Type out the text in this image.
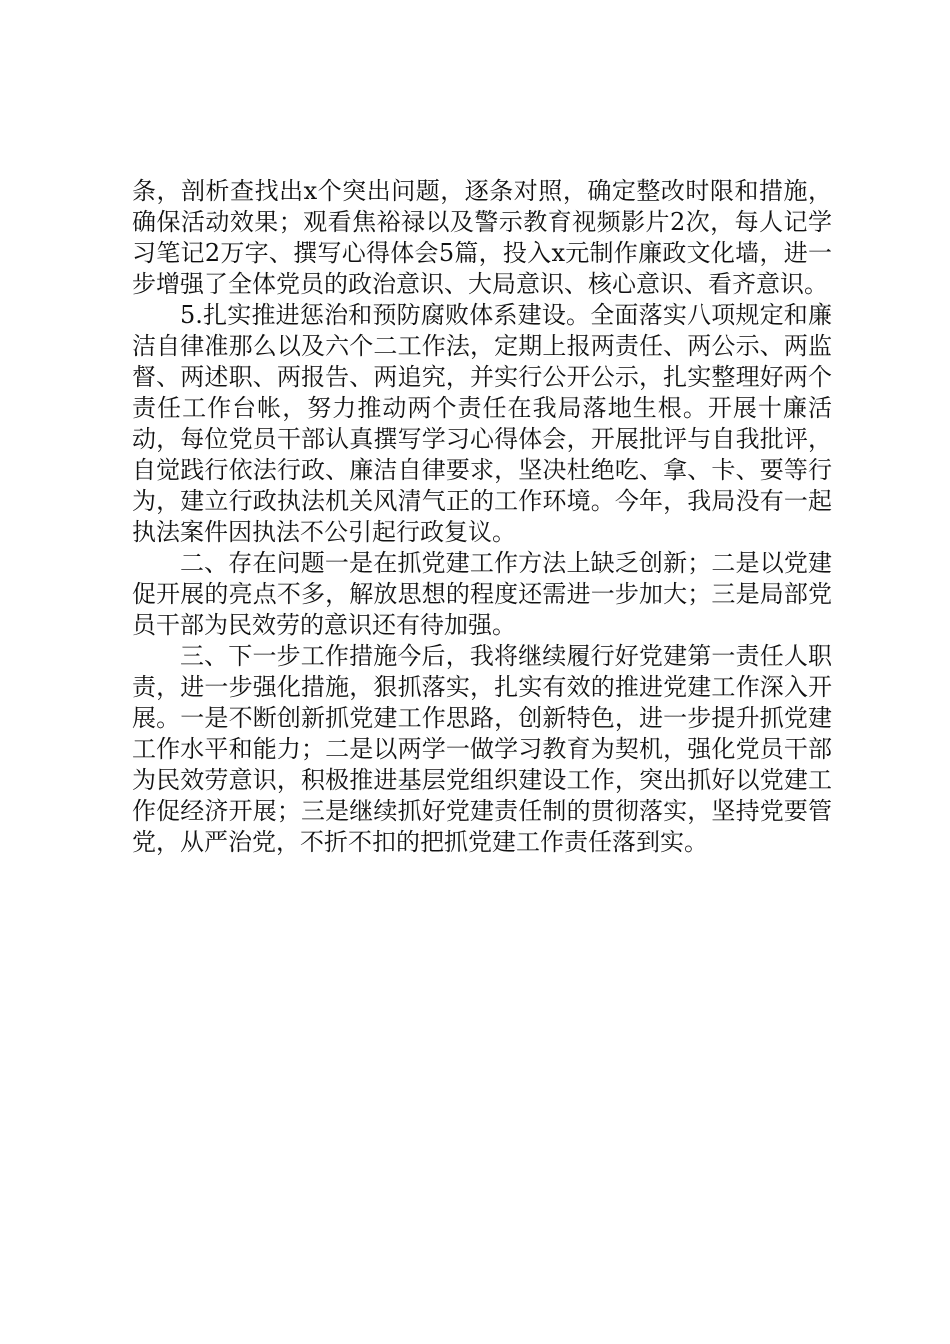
条，剖析查找出x个突出问题，逐条对照，确定整改时限和措施，确保活动效果；观看焦裕禄以及警示教育视频影片2次，每人记学习笔记2万字、撰写心得体会5篇，投入x元制作廉政文化墙，进一步增强了全体党员的政治意识、大局意识、核心意识、看齐意识。

5.扎实推进惩治和预防腐败体系建设。全面落实八项规定和廉洁自律准那么以及六个二工作法，定期上报两责任、两公示、两监督、两述职、两报告、两追究，并实行公开公示，扎实整理好两个责任工作台帐，努力推动两个责任在我局落地生根。开展十廉活动，每位党员干部认真撰写学习心得体会，开展批评与自我批评，自觉践行依法行政、廉洁自律要求，坚决杜绝吃、拿、卡、要等行为，建立行政执法机关风清气正的工作环境。今年，我局没有一起执法案件因执法不公引起行政复议。

二、存在问题一是在抓党建工作方法上缺乏创新；二是以党建促开展的亮点不多，解放思想的程度还需进一步加大；三是局部党员干部为民效劳的意识还有待加强。

三、下一步工作措施今后，我将继续履行好党建第一责任人职责，进一步强化措施，狠抓落实，扎实有效的推进党建工作深入开展。一是不断创新抓党建工作思路，创新特色，进一步提升抓党建工作水平和能力；二是以两学一做学习教育为契机，强化党员干部为民效劳意识，积极推进基层党组织建设工作，突出抓好以党建工作促经济开展；三是继续抓好党建责任制的贯彻落实，坚持党要管党，从严治党，不折不扣的把抓党建工作责任落到实。
